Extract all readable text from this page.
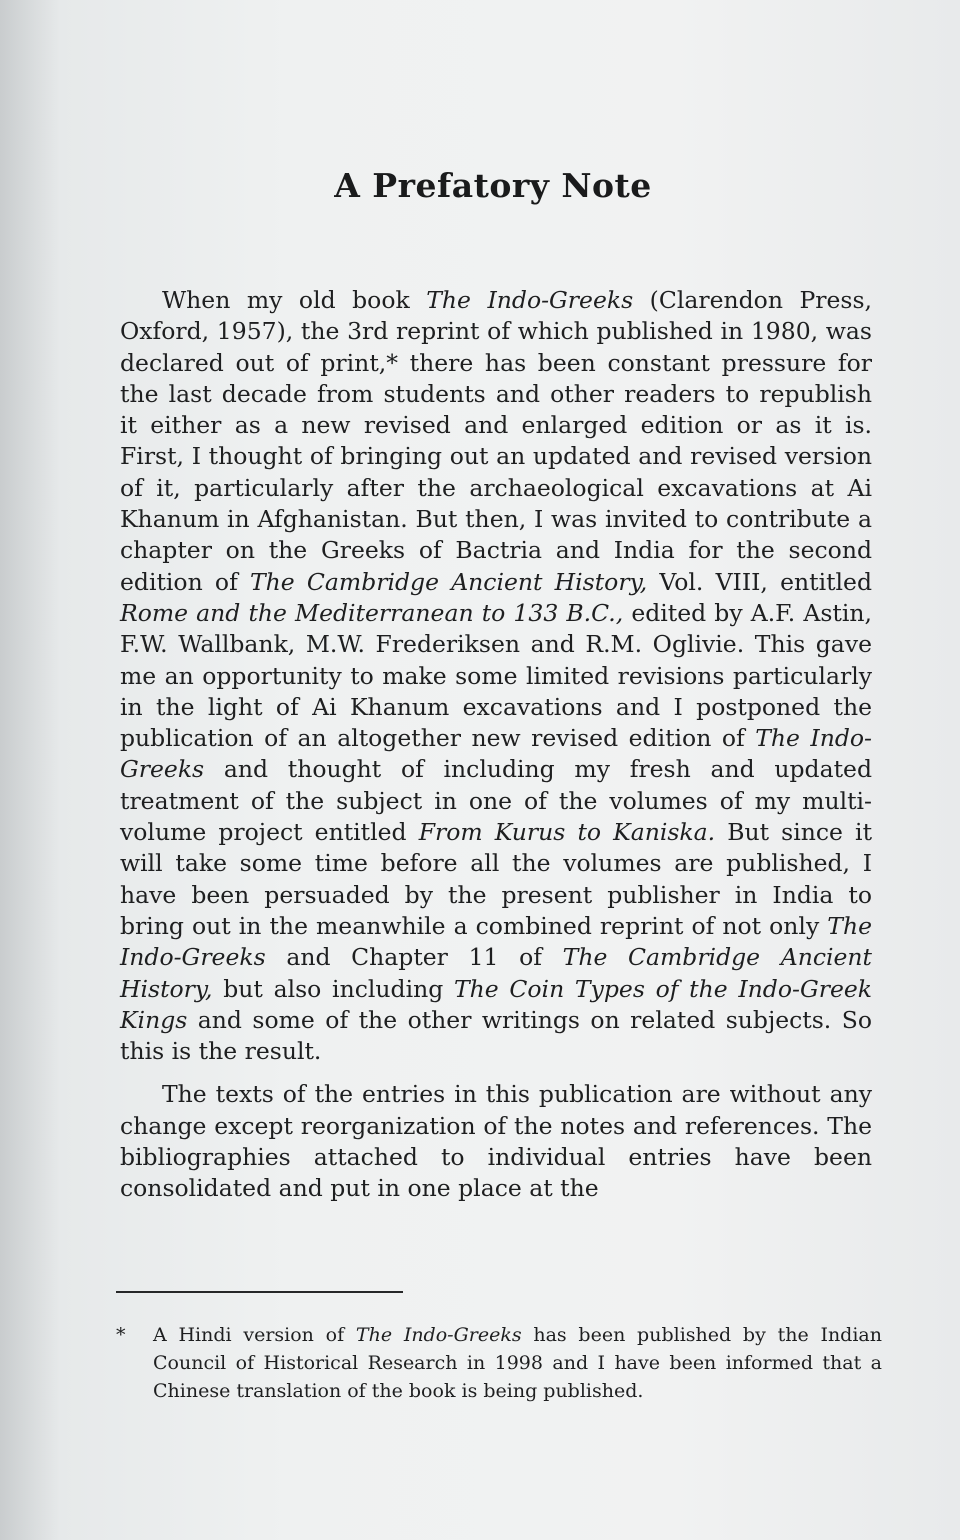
A Prefatory Note

When my old book The Indo-Greeks (Clarendon Press, Oxford, 1957), the 3rd reprint of which published in 1980, was declared out of print,* there has been constant pressure for the last decade from students and other readers to republish it either as a new revised and enlarged edition or as it is. First, I thought of bringing out an updated and revised version of it, particularly after the archaeological excavations at Ai Khanum in Afghanistan. But then, I was invited to contribute a chapter on the Greeks of Bactria and India for the second edition of The Cambridge Ancient History, Vol. VIII, entitled Rome and the Mediterranean to 133 B.C., edited by A.F. Astin, F.W. Wallbank, M.W. Frederiksen and R.M. Oglivie. This gave me an opportunity to make some limited revisions particularly in the light of Ai Khanum excavations and I postponed the publication of an altogether new revised edition of The Indo-Greeks and thought of including my fresh and updated treatment of the subject in one of the volumes of my multi-volume project entitled From Kurus to Kaniska. But since it will take some time before all the volumes are published, I have been persuaded by the present publisher in India to bring out in the meanwhile a combined reprint of not only The Indo-Greeks and Chapter 11 of The Cambridge Ancient History, but also including The Coin Types of the Indo-Greek Kings and some of the other writings on related subjects. So this is the result.

The texts of the entries in this publication are without any change except reorganization of the notes and references. The bibliographies attached to individual entries have been consolidated and put in one place at the

* A Hindi version of The Indo-Greeks has been published by the Indian Council of Historical Research in 1998 and I have been informed that a Chinese translation of the book is being published.
